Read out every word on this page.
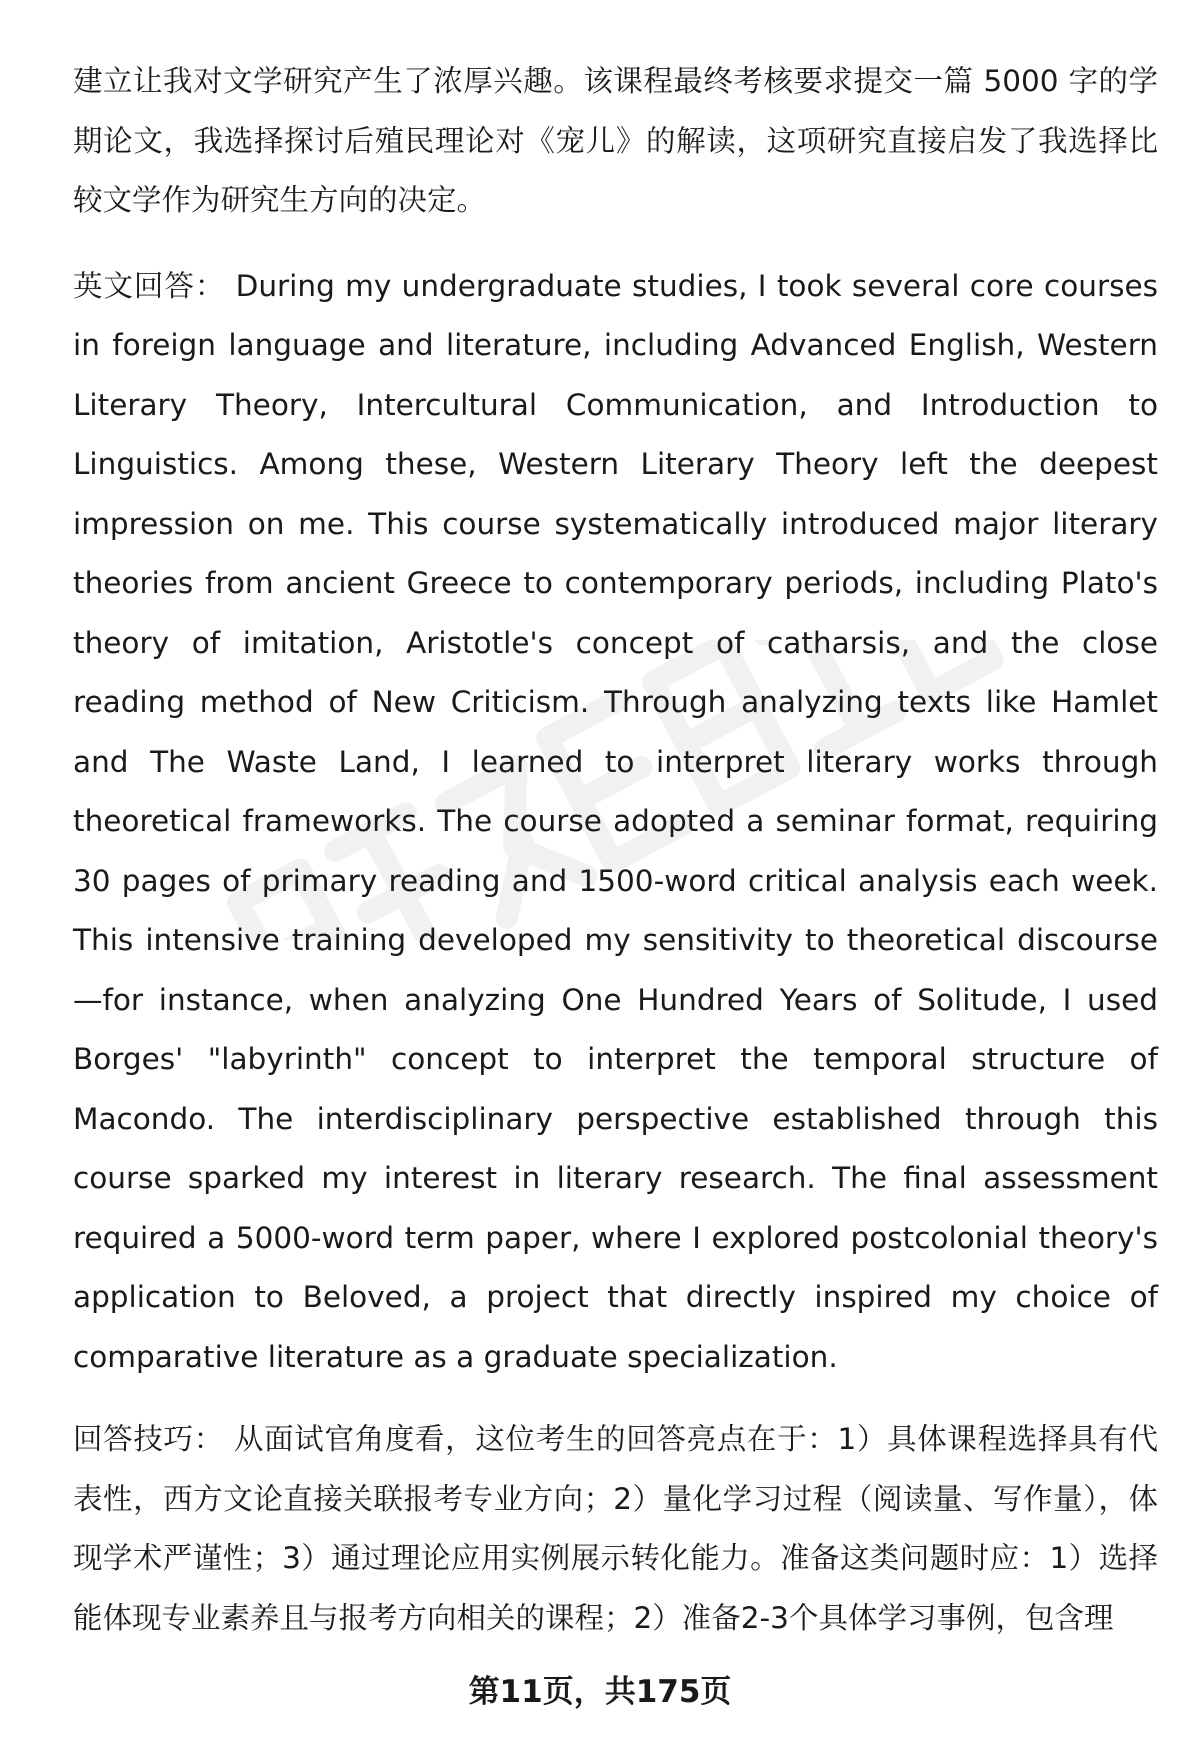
建立让我对文学研究产生了浓厚兴趣。该课程最终考核要求提交一篇 5000 字的学期论文，我选择探讨后殖民理论对《宠儿》的解读，这项研究直接启发了我选择比较文学作为研究生方向的决定。

英文回答： During my undergraduate studies, I took several core courses in foreign language and literature, including Advanced English, Western Literary Theory, Intercultural Communication, and Introduction to Linguistics. Among these, Western Literary Theory left the deepest impression on me. This course systematically introduced major literary theories from ancient Greece to contemporary periods, including Plato's theory of imitation, Aristotle's concept of catharsis, and the close reading method of New Criticism. Through analyzing texts like Hamlet and The Waste Land, I learned to interpret literary works through theoretical frameworks. The course adopted a seminar format, requiring 30 pages of primary reading and 1500-word critical analysis each week. This intensive training developed my sensitivity to theoretical discourse—for instance, when analyzing One Hundred Years of Solitude, I used Borges' "labyrinth" concept to interpret the temporal structure of Macondo. The interdisciplinary perspective established through this course sparked my interest in literary research. The final assessment required a 5000-word term paper, where I explored postcolonial theory's application to Beloved, a project that directly inspired my choice of comparative literature as a graduate specialization.

回答技巧： 从面试官角度看，这位考生的回答亮点在于：1）具体课程选择具有代表性，西方文论直接关联报考专业方向；2）量化学习过程（阅读量、写作量），体现学术严谨性；3）通过理论应用实例展示转化能力。准备这类问题时应：1）选择能体现专业素养且与报考方向相关的课程；2）准备2-3个具体学习事例，包含理

第11页，共175页
